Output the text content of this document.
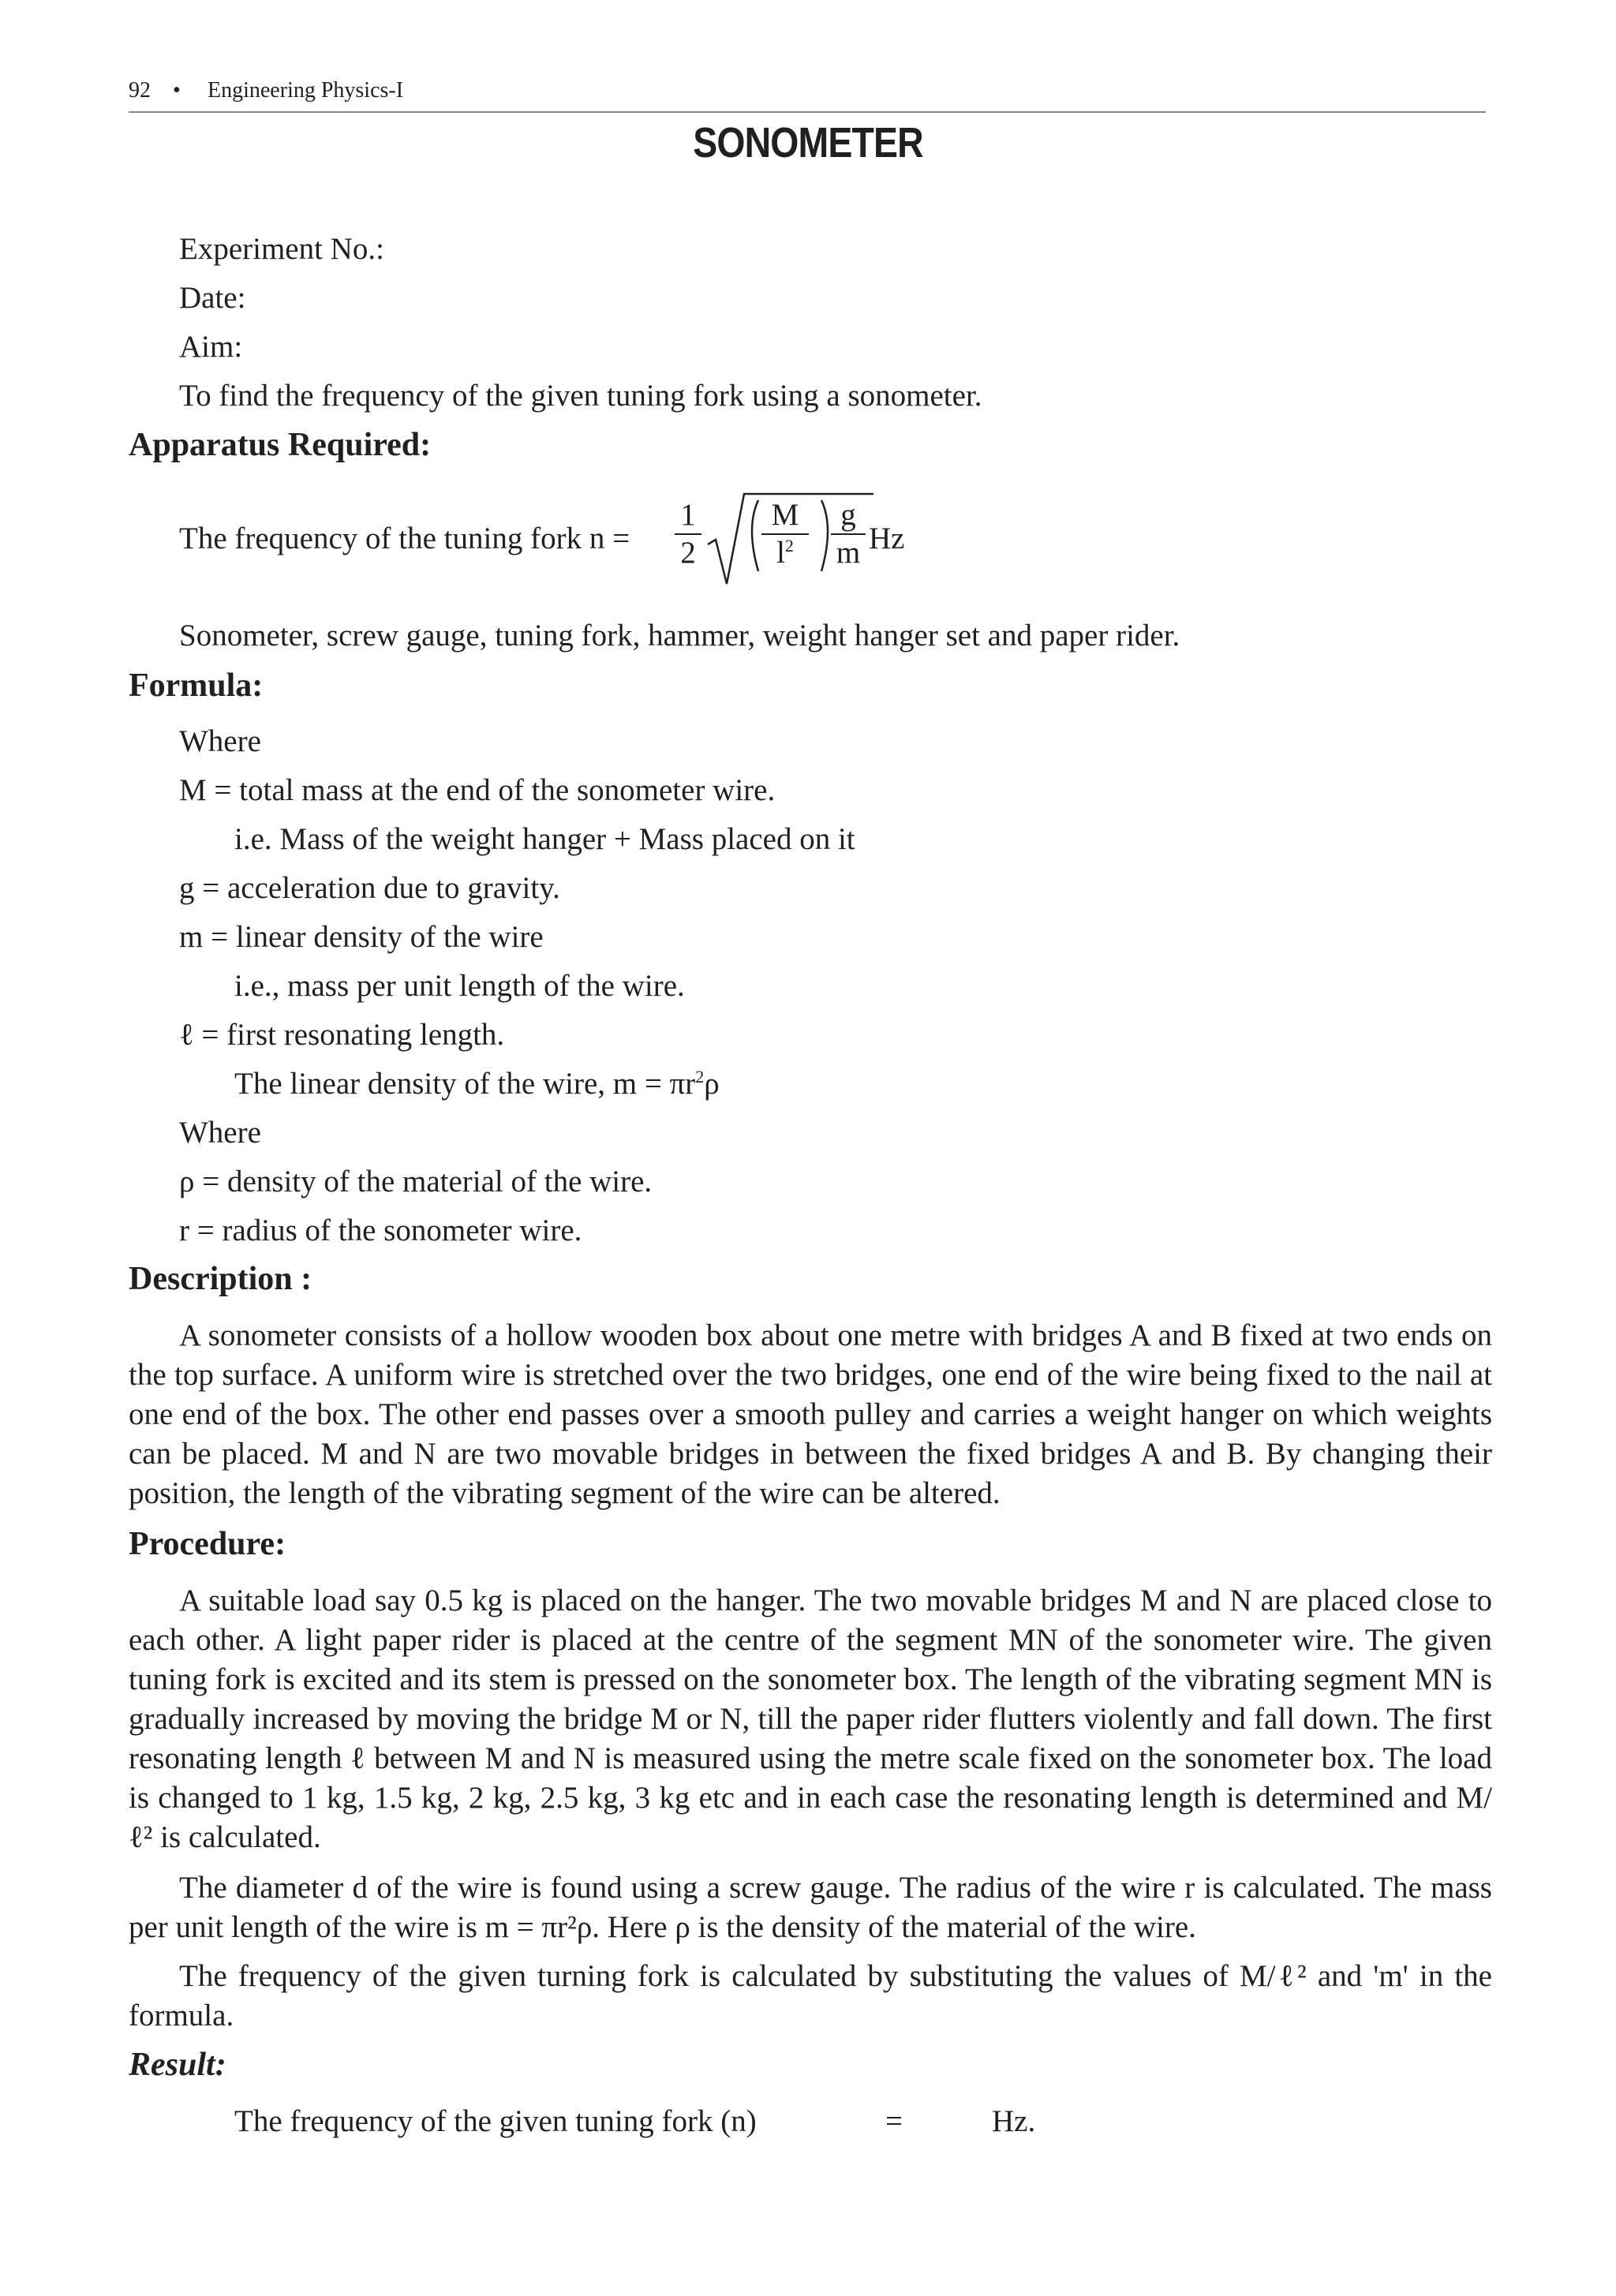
92 • Engineering Physics-I
SONOMETER
Experiment No.:
Date:
Aim:
To find the frequency of the given tuning fork using a sonometer.
Apparatus Required:
The frequency of the tuning fork n =
1
2
M
$l^2$
g
m Hz
Sonometer, screw gauge, tuning fork, hammer, weight hanger set and paper rider.
Formula:
Where
M = total mass at the end of the sonometer wire.
i.e. Mass of the weight hanger + Mass placed on it
g = acceleration due to gravity.
m = linear density of the wire
i.e., mass per unit length of the wire.
ℓ = first resonating length.
The linear density of the wire, $m = \pi r^2\rho$
Where
ρ = density of the material of the wire.
r = radius of the sonometer wire.
Description :
A sonometer consists of a hollow wooden box about one metre with bridges A and B fixed at two ends on the top surface. A uniform wire is stretched over the two bridges, one end of the wire being fixed to the nail at one end of the box. The other end passes over a smooth pulley and carries a weight hanger on which weights can be placed. M and N are two movable bridges in between the fixed bridges A and B. By changing their position, the length of the vibrating segment of the wire can be altered.
Procedure:
A suitable load say 0.5 kg is placed on the hanger. The two movable bridges M and N are placed close to each other. A light paper rider is placed at the centre of the segment MN of the sonometer wire. The given tuning fork is excited and its stem is pressed on the sonometer box. The length of the vibrating segment MN is gradually increased by moving the bridge M or N, till the paper rider flutters violently and fall down. The first resonating length ℓ between M and N is measured using the metre scale fixed on the sonometer box. The load is changed to 1 kg, 1.5 kg, 2 kg, 2.5 kg, 3 kg etc and in each case the resonating length is determined and M/ ℓ² is calculated.
The diameter d of the wire is found using a screw gauge. The radius of the wire r is calculated. The mass per unit length of the wire is m = πr²ρ. Here ρ is the density of the material of the wire.
The frequency of the given turning fork is calculated by substituting the values of M/ℓ² and 'm' in the formula.
Result:
The frequency of the given tuning fork (n)	=	Hz.
